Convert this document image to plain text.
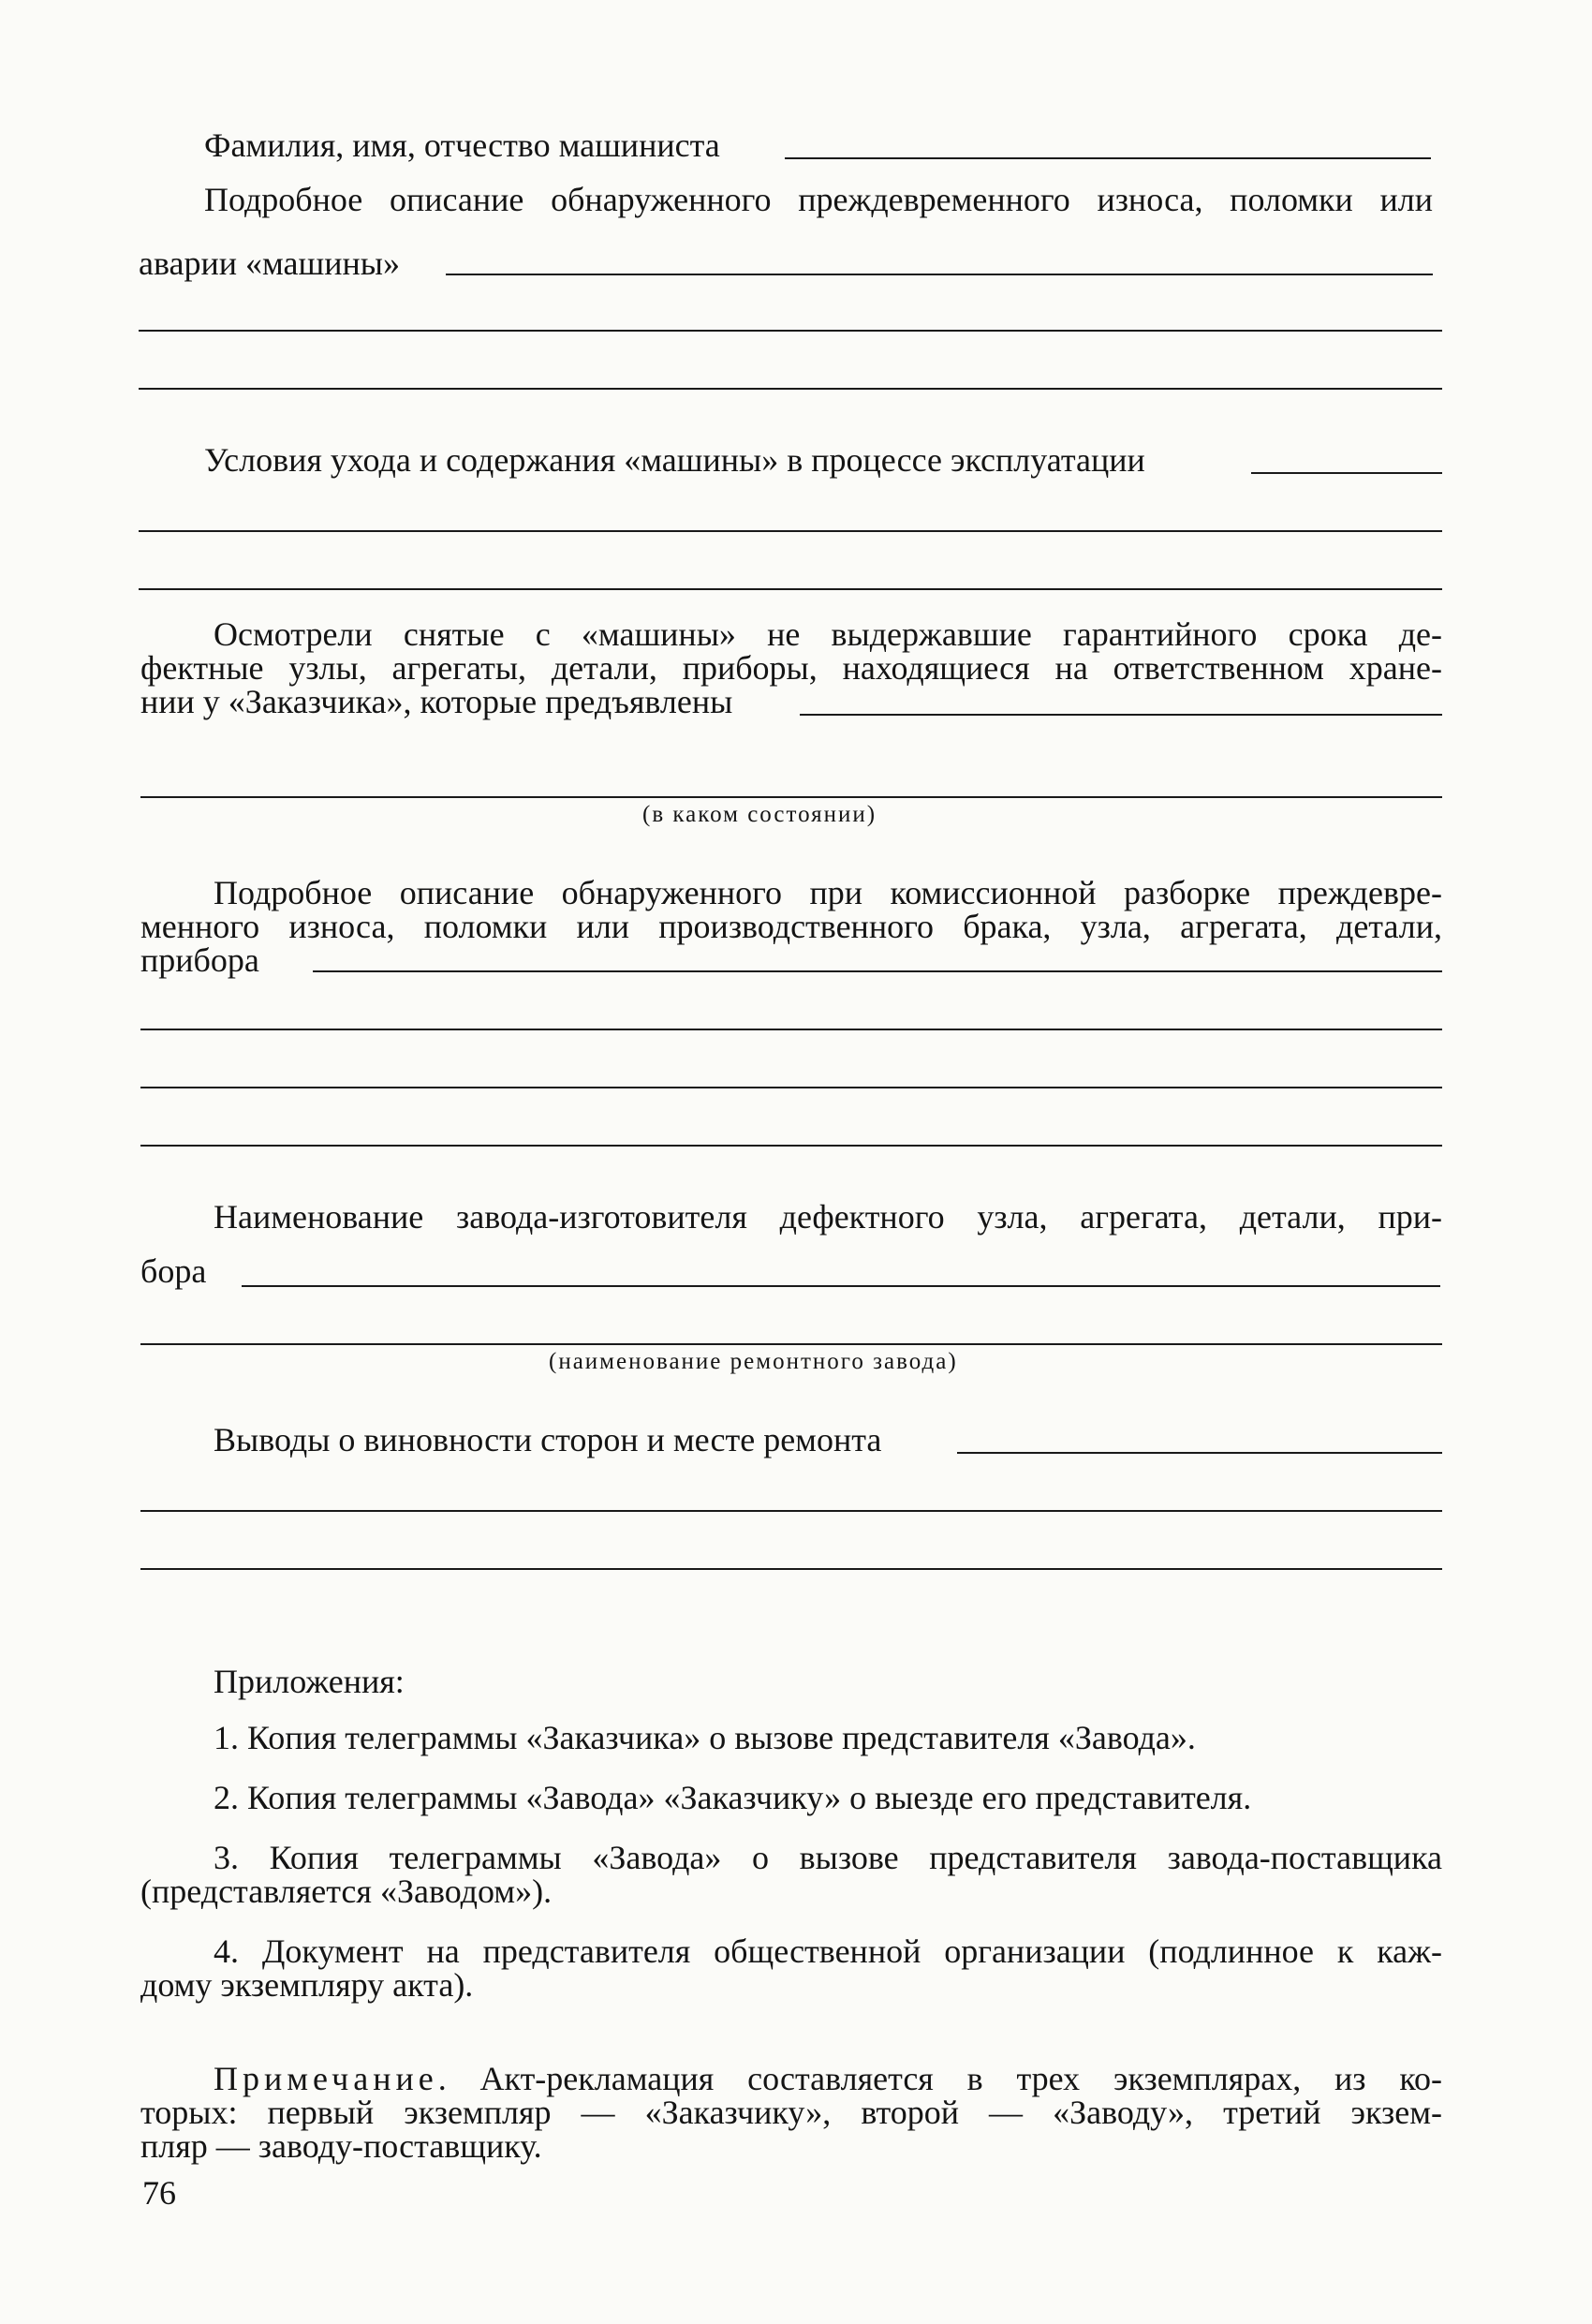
Фамилия, имя, отчество машиниста
Подробное описание обнаруженного преждевременного износа, поломки или
аварии «машины»
Условия ухода и содержания «машины» в процессе эксплуатации
Осмотрели снятые с «машины» не выдержавшие гарантийного срока де-
фектные узлы, агрегаты, детали, приборы, находящиеся на ответственном хране-
нии у «Заказчика», которые предъявлены
(в каком состоянии)
Подробное описание обнаруженного при комиссионной разборке преждевре-
менного износа, поломки или производственного брака, узла, агрегата, детали,
прибора
Наименование завода-изготовителя дефектного узла, агрегата, детали, при-
бора
(наименование ремонтного завода)
Выводы о виновности сторон и месте ремонта
Приложения:
1. Копия телеграммы «Заказчика» о вызове представителя «Завода».
2. Копия телеграммы «Завода» «Заказчику» о выезде его представителя.
3. Копия телеграммы «Завода» о вызове представителя завода-поставщика
(представляется «Заводом»).
4. Документ на представителя общественной организации (подлинное к каж-
дому экземпляру акта).
Примечание. Акт-рекламация составляется в трех экземплярах, из ко-
торых: первый экземпляр — «Заказчику», второй — «Заводу», третий экзем-
пляр — заводу-поставщику.
76
